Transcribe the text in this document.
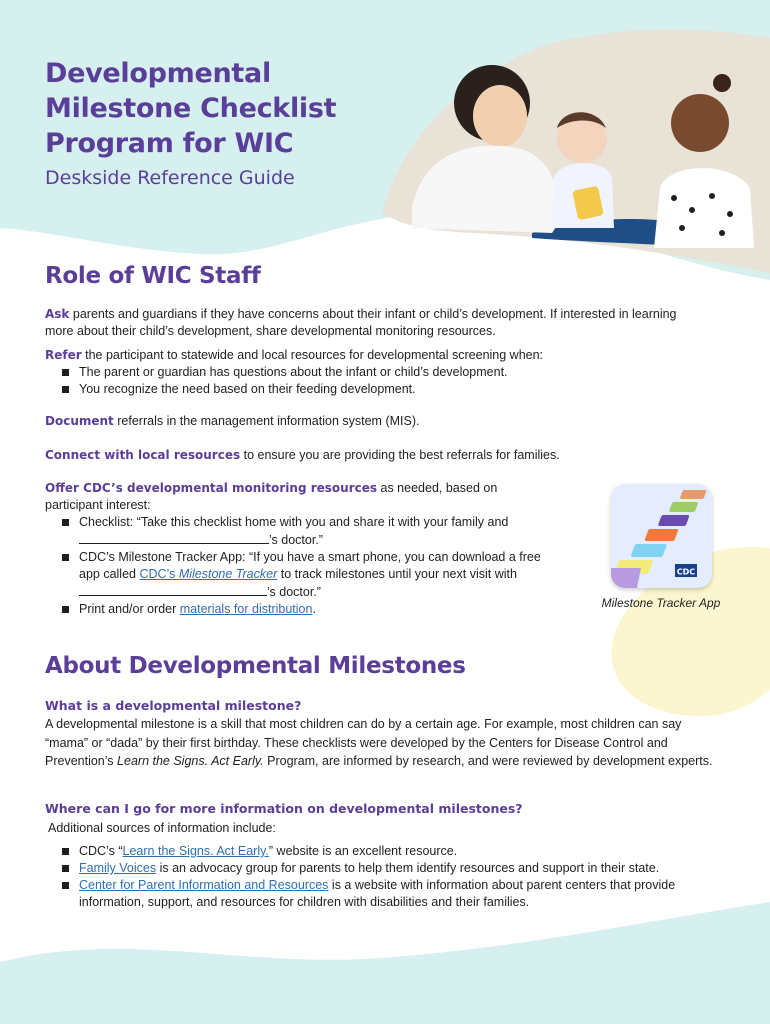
Developmental Milestone Checklist Program for WIC

Deskside Reference Guide

Role of WIC Staff

Ask parents and guardians if they have concerns about their infant or child’s development. If interested in learning more about their child’s development, share developmental monitoring resources.

Refer the participant to statewide and local resources for developmental screening when:

The parent or guardian has questions about the infant or child’s development.
You recognize the need based on their feeding development.

Document referrals in the management information system (MIS).

Connect with local resources to ensure you are providing the best referrals for families.

Offer CDC’s developmental monitoring resources as needed, based on participant interest:

Checklist: “Take this checklist home with you and share it with your family and
’s doctor.”
CDC’s Milestone Tracker App: “If you have a smart phone, you can download a free app called CDC’s Milestone Tracker to track milestones until your next visit with ’s doctor.”
Print and/or order materials for distribution.
CDC

Milestone Tracker App

About Developmental Milestones

What is a developmental milestone?

A developmental milestone is a skill that most children can do by a certain age. For example, most children can say “mama” or “dada” by their first birthday. These checklists were developed by the Centers for Disease Control and Prevention’s Learn the Signs. Act Early. Program, are informed by research, and were reviewed by development experts.

Where can I go for more information on developmental milestones?

Additional sources of information include:

CDC’s “Learn the Signs. Act Early.” website is an excellent resource.
Family Voices is an advocacy group for parents to help them identify resources and support in their state.
Center for Parent Information and Resources is a website with information about parent centers that provide information, support, and resources for children with disabilities and their families.
